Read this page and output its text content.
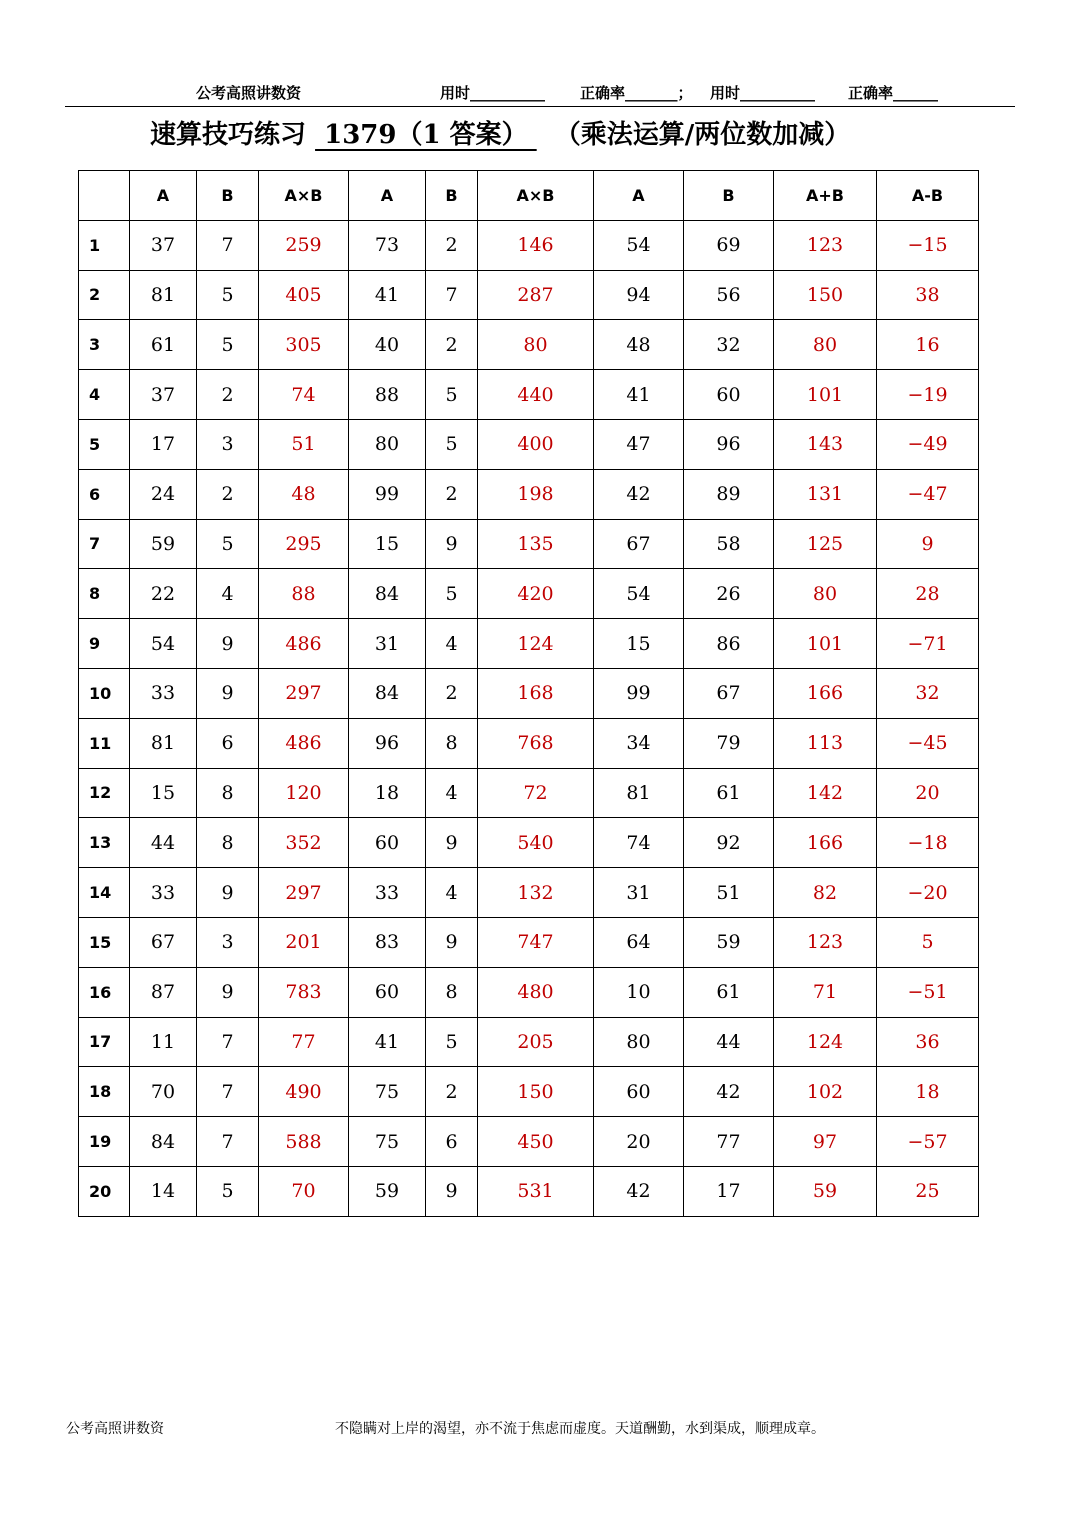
公考高照讲数资	用时__________ 正确率_______； 用时__________ 正确率______
速算技巧练习  1379（1 答案）   （乘法运算/两位数加减）
	A	B	A×B	A	B	A×B	A	B	A+B	A-B
1	37	7	259	73	2	146	54	69	123	−15
2	81	5	405	41	7	287	94	56	150	38
3	61	5	305	40	2	80	48	32	80	16
4	37	2	74	88	5	440	41	60	101	−19
5	17	3	51	80	5	400	47	96	143	−49
6	24	2	48	99	2	198	42	89	131	−47
7	59	5	295	15	9	135	67	58	125	9
8	22	4	88	84	5	420	54	26	80	28
9	54	9	486	31	4	124	15	86	101	−71
10	33	9	297	84	2	168	99	67	166	32
11	81	6	486	96	8	768	34	79	113	−45
12	15	8	120	18	4	72	81	61	142	20
13	44	8	352	60	9	540	74	92	166	−18
14	33	9	297	33	4	132	31	51	82	−20
15	67	3	201	83	9	747	64	59	123	5
16	87	9	783	60	8	480	10	61	71	−51
17	11	7	77	41	5	205	80	44	124	36
18	70	7	490	75	2	150	60	42	102	18
19	84	7	588	75	6	450	20	77	97	−57
20	14	5	70	59	9	531	42	17	59	25
公考高照讲数资	不隐瞒对上岸的渴望，亦不流于焦虑而虚度。天道酬勤，水到渠成，顺理成章。
